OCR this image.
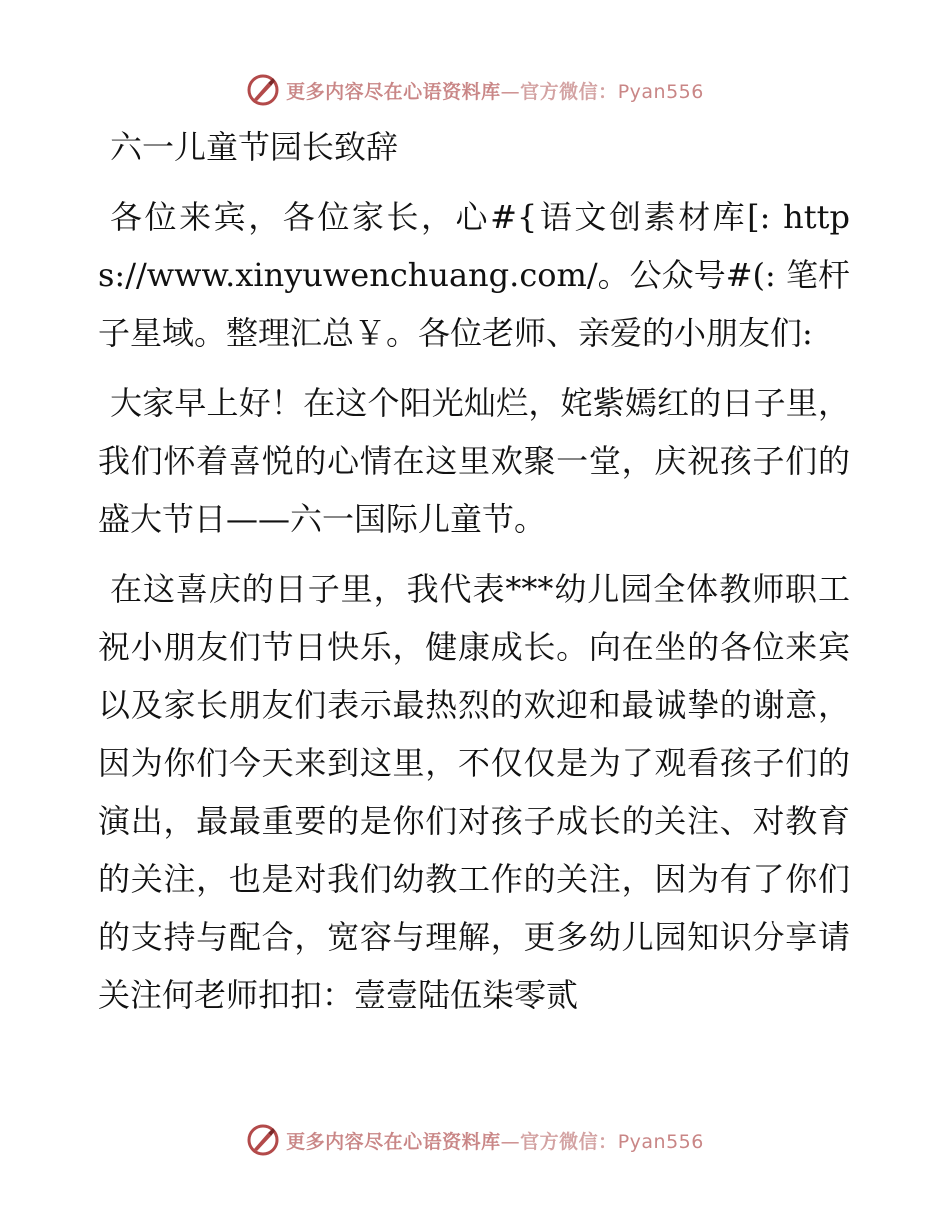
更多内容尽在心语资料库—官方微信：Pyan556
六一儿童节园长致辞

各位来宾，各位家长，心#{语文创素材库[: https://www.xinyuwenchuang.com/。公众号#(: 笔杆子星域。整理汇总￥。各位老师、亲爱的小朋友们:

大家早上好！在这个阳光灿烂，姹紫嫣红的日子里，我们怀着喜悦的心情在这里欢聚一堂，庆祝孩子们的盛大节日——六一国际儿童节。

在这喜庆的日子里，我代表***幼儿园全体教师职工祝小朋友们节日快乐，健康成长。向在坐的各位来宾以及家长朋友们表示最热烈的欢迎和最诚挚的谢意，因为你们今天来到这里，不仅仅是为了观看孩子们的演出，最最重要的是你们对孩子成长的关注、对教育的关注，也是对我们幼教工作的关注，因为有了你们的支持与配合，宽容与理解，更多幼儿园知识分享请关注何老师扣扣：壹壹陆伍柒零贰

更多内容尽在心语资料库—官方微信：Pyan556
